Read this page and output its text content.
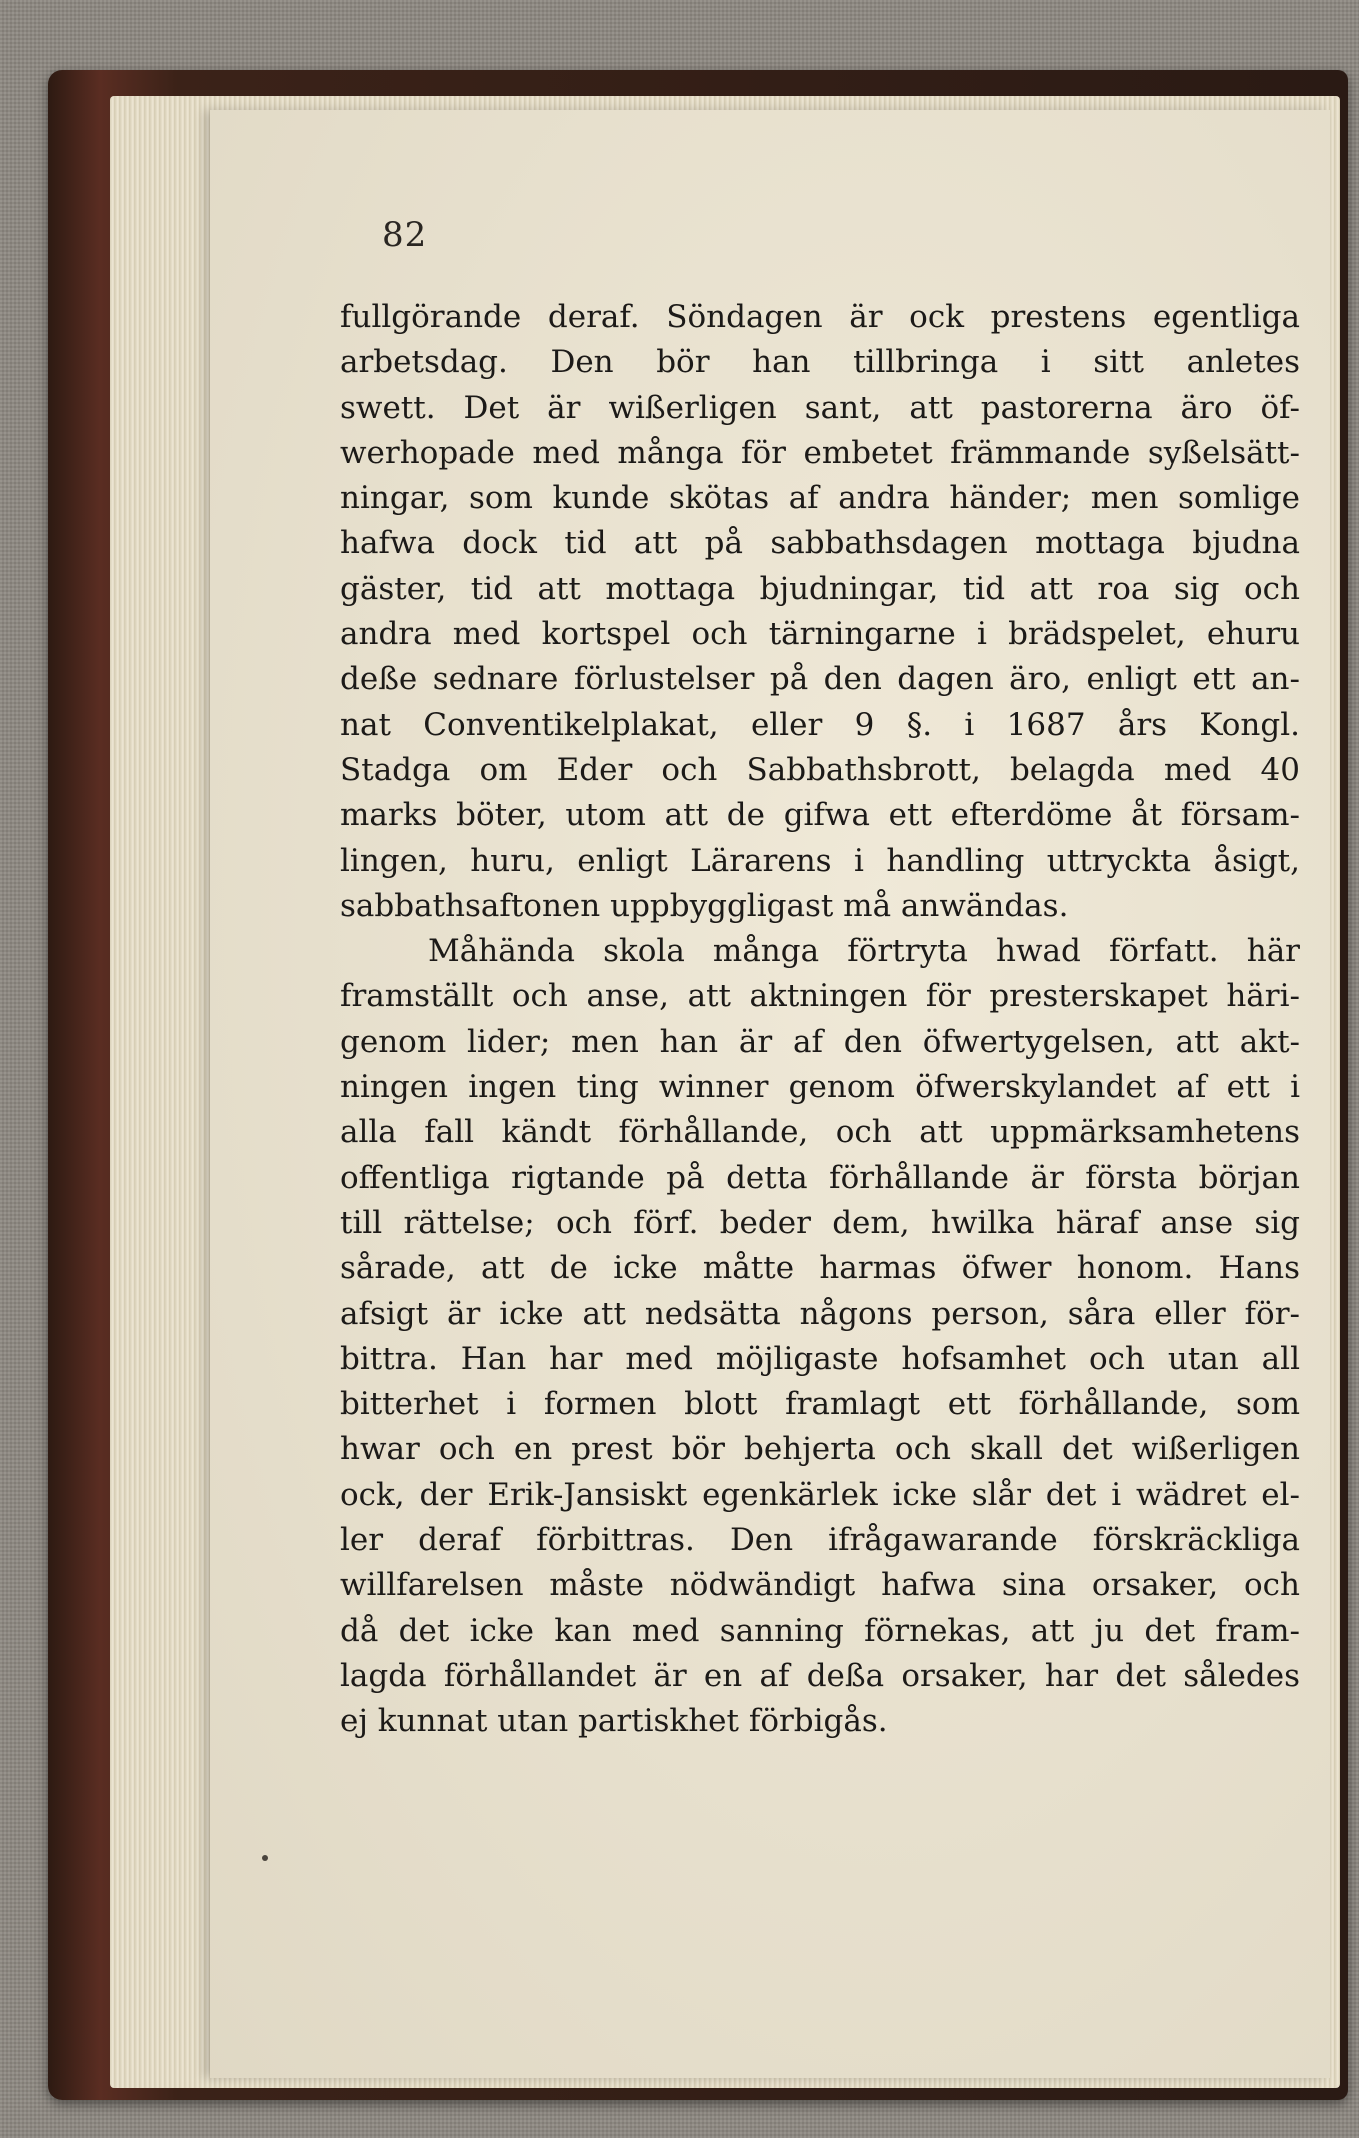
82
fullgörande deraf. Söndagen är ock prestens egentliga
arbetsdag. Den bör han tillbringa i sitt anletes
swett. Det är wißerligen sant, att pastorerna äro öf-
werhopade med många för embetet främmande syßelsätt-
ningar, som kunde skötas af andra händer; men somlige
hafwa dock tid att på sabbathsdagen mottaga bjudna
gäster, tid att mottaga bjudningar, tid att roa sig och
andra med kortspel och tärningarne i brädspelet, ehuru
deße sednare förlustelser på den dagen äro, enligt ett an-
nat Conventikelplakat, eller 9 §. i 1687 års Kongl.
Stadga om Eder och Sabbathsbrott, belagda med 40
marks böter, utom att de gifwa ett efterdöme åt försam-
lingen, huru, enligt Lärarens i handling uttryckta åsigt,
sabbathsaftonen uppbyggligast må anwändas.
Måhända skola många förtryta hwad författ. här
framställt och anse, att aktningen för presterskapet häri-
genom lider; men han är af den öfwertygelsen, att akt-
ningen ingen ting winner genom öfwerskylandet af ett i
alla fall kändt förhållande, och att uppmärksamhetens
offentliga rigtande på detta förhållande är första början
till rättelse; och förf. beder dem, hwilka häraf anse sig
sårade, att de icke måtte harmas öfwer honom. Hans
afsigt är icke att nedsätta någons person, såra eller för-
bittra. Han har med möjligaste hofsamhet och utan all
bitterhet i formen blott framlagt ett förhållande, som
hwar och en prest bör behjerta och skall det wißerligen
ock, der Erik-Jansiskt egenkärlek icke slår det i wädret el-
ler deraf förbittras. Den ifrågawarande förskräckliga
willfarelsen måste nödwändigt hafwa sina orsaker, och
då det icke kan med sanning förnekas, att ju det fram-
lagda förhållandet är en af deßa orsaker, har det således
ej kunnat utan partiskhet förbigås.
